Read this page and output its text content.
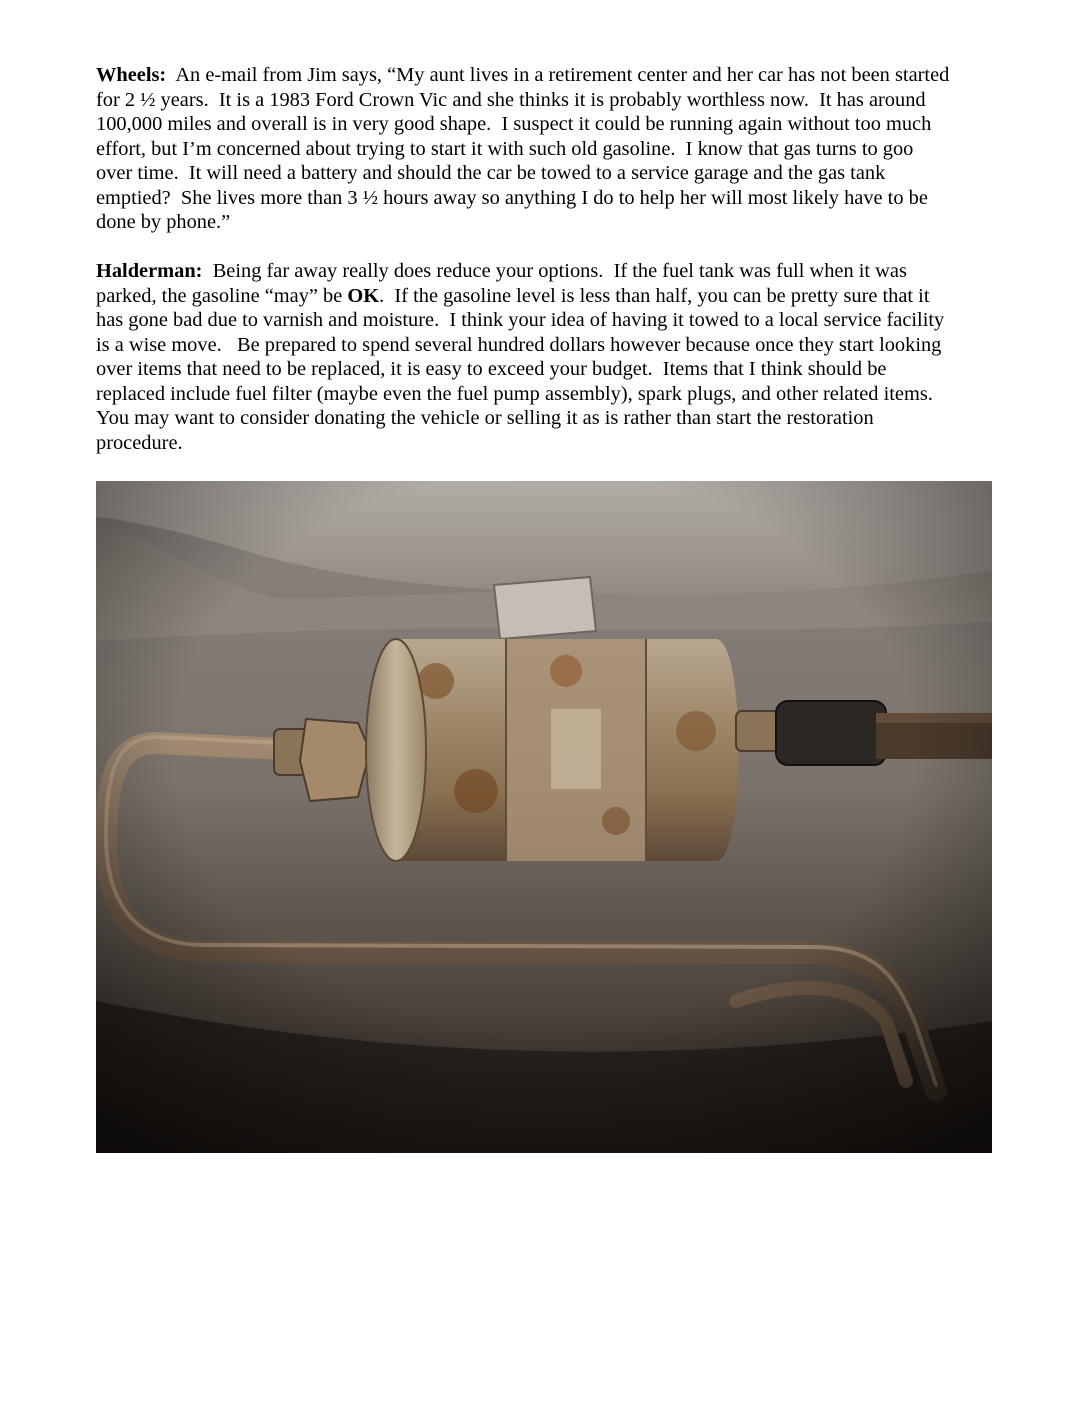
Wheels: An e-mail from Jim says, “My aunt lives in a retirement center and her car has not been started
for 2 ½ years.  It is a 1983 Ford Crown Vic and she thinks it is probably worthless now.  It has around
100,000 miles and overall is in very good shape.  I suspect it could be running again without too much
effort, but I’m concerned about trying to start it with such old gasoline.  I know that gas turns to goo
over time.  It will need a battery and should the car be towed to a service garage and the gas tank
emptied?  She lives more than 3 ½ hours away so anything I do to help her will most likely have to be
done by phone.”
Halderman: Being far away really does reduce your options.  If the fuel tank was full when it was
parked, the gasoline “may” be OK.  If the gasoline level is less than half, you can be pretty sure that it
has gone bad due to varnish and moisture.  I think your idea of having it towed to a local service facility
is a wise move.   Be prepared to spend several hundred dollars however because once they start looking
over items that need to be replaced, it is easy to exceed your budget.  Items that I think should be
replaced include fuel filter (maybe even the fuel pump assembly), spark plugs, and other related items.
You may want to consider donating the vehicle or selling it as is rather than start the restoration
procedure.
